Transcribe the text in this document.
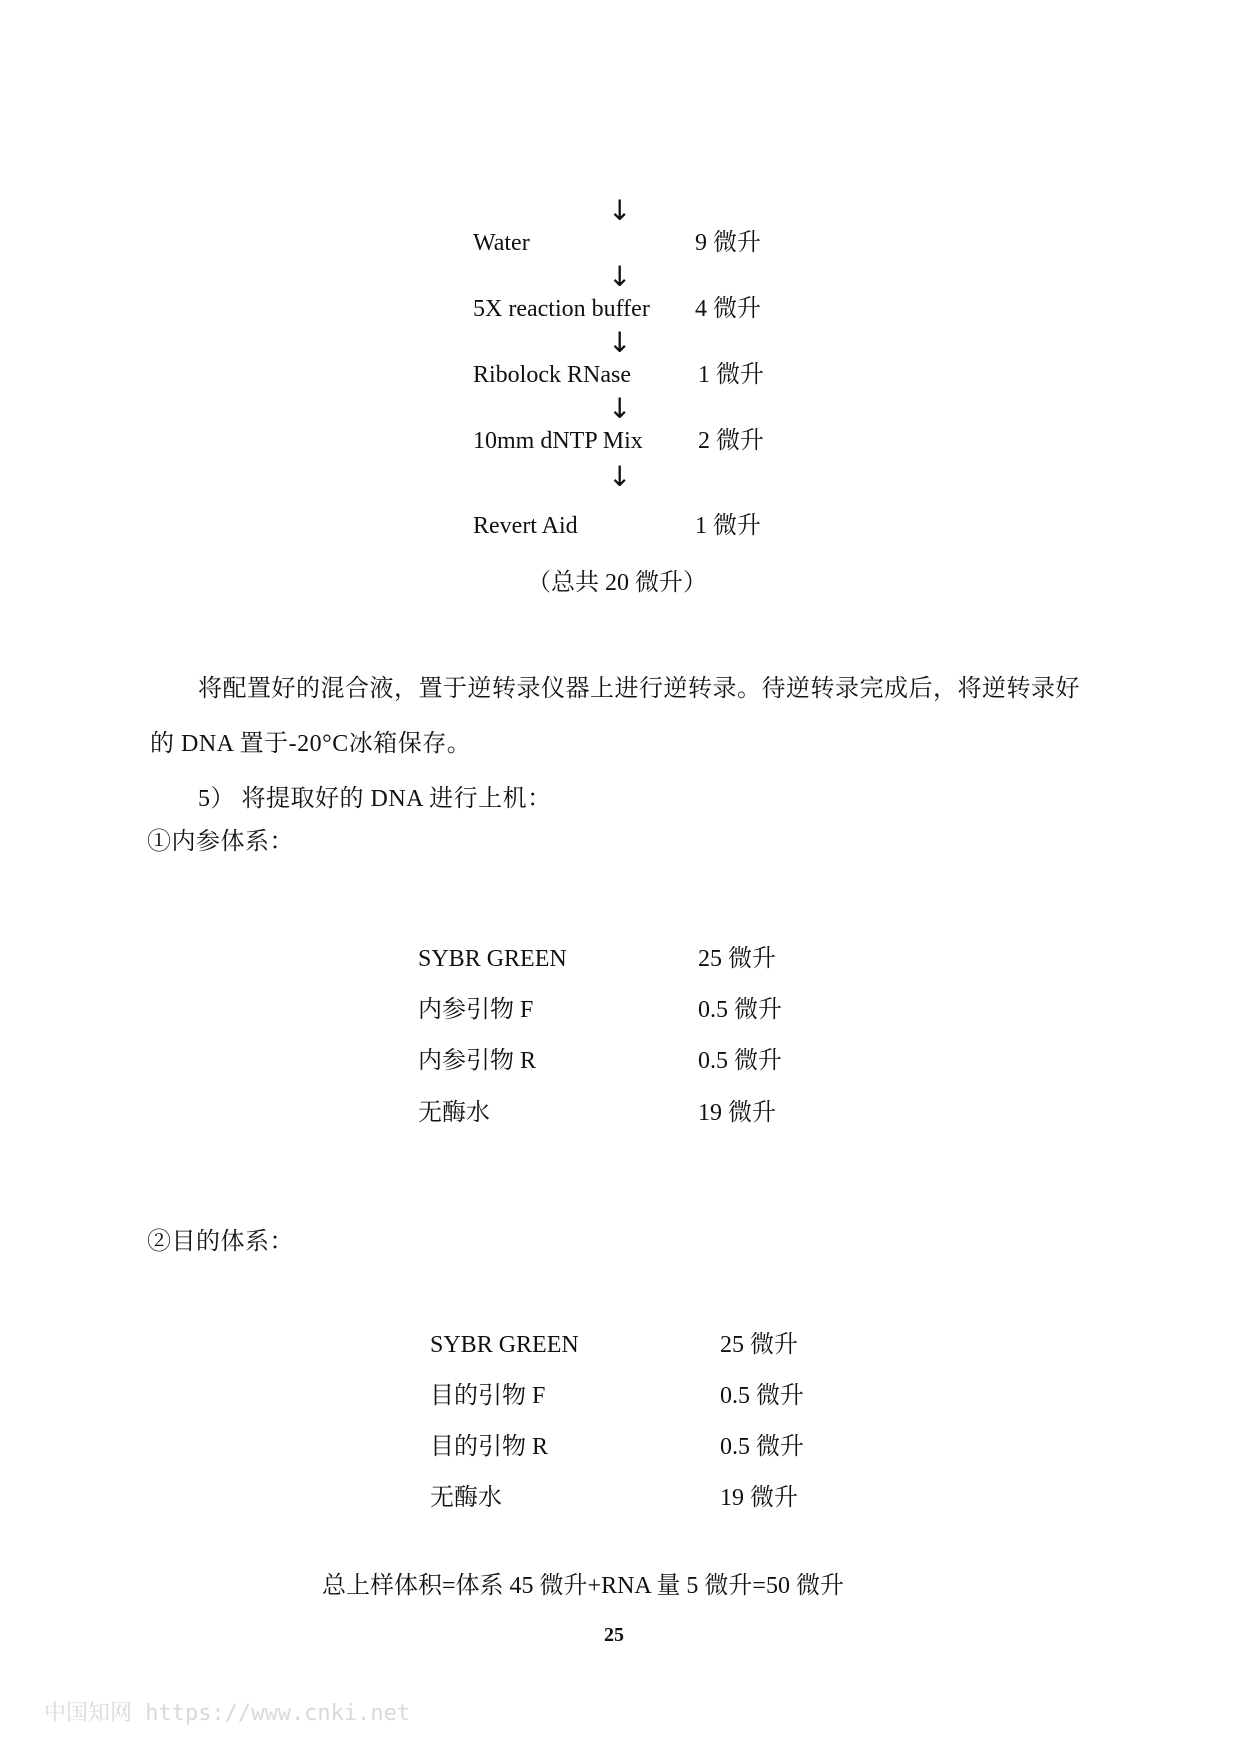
↓
Water	9 微升
↓
5X reaction buffer 4 微升
↓
Ribolock RNase	1 微升
↓
10mm dNTP Mix 2 微升
↓
Revert Aid	1 微升
（总共 20 微升）
将配置好的混合液，置于逆转录仪器上进行逆转录。待逆转录完成后，将逆转录好
的 DNA 置于-20°C冰箱保存。
5） 将提取好的 DNA 进行上机：
①内参体系：
SYBR GREEN	25 微升
内参引物 F	0.5 微升
内参引物 R	0.5 微升
无酶水	19 微升
②目的体系：
SYBR GREEN	25 微升
目的引物 F	0.5 微升
目的引物 R	0.5 微升
无酶水	19 微升
总上样体积=体系 45 微升+RNA 量 5 微升=50 微升
25
中国知网 https://www.cnki.net
